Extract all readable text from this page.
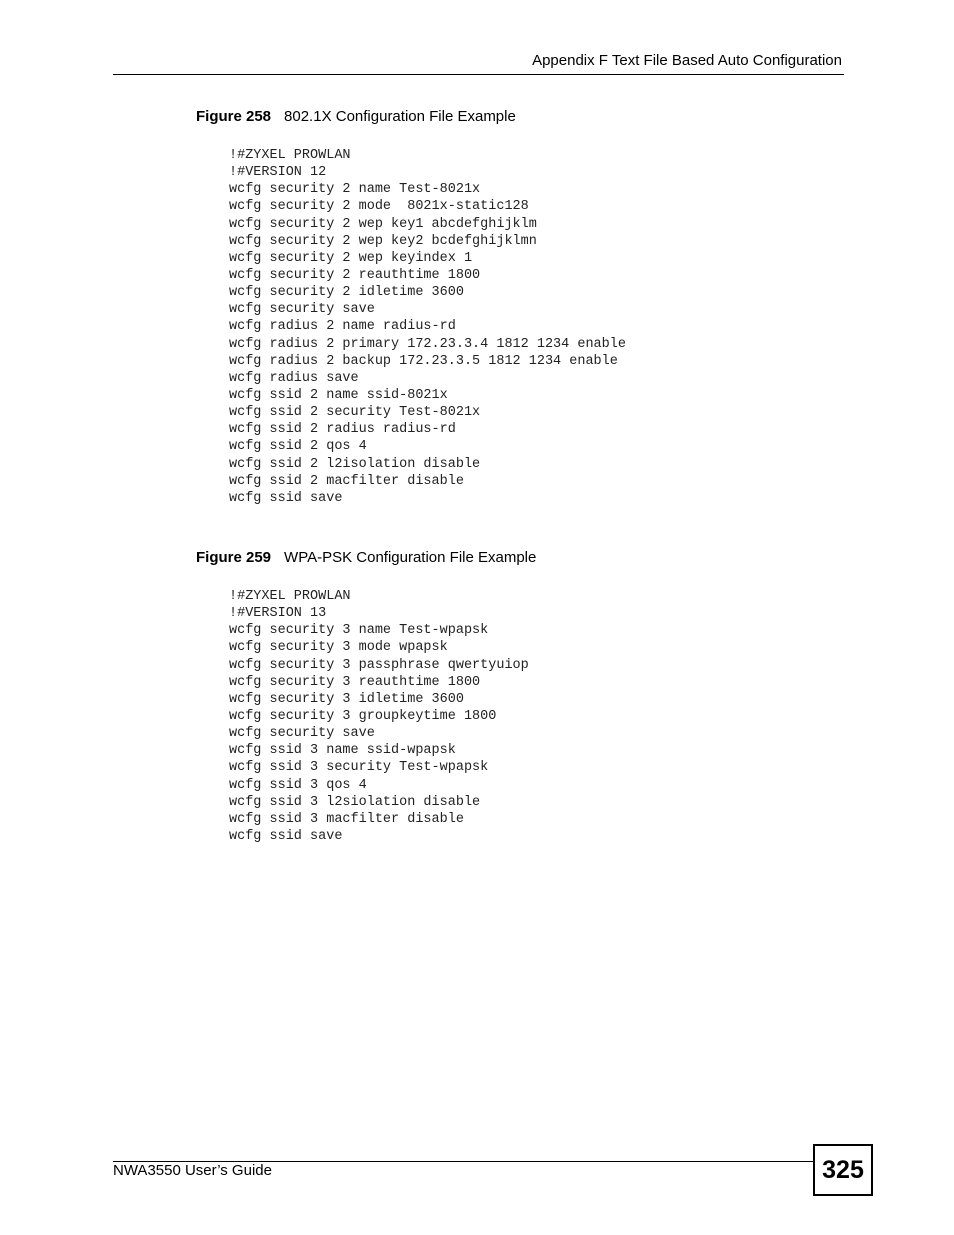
Appendix F Text File Based Auto Configuration
Figure 258 802.1X Configuration File Example
!#ZYXEL PROWLAN
!#VERSION 12
wcfg security 2 name Test-8021x
wcfg security 2 mode  8021x-static128
wcfg security 2 wep key1 abcdefghijklm
wcfg security 2 wep key2 bcdefghijklmn
wcfg security 2 wep keyindex 1
wcfg security 2 reauthtime 1800
wcfg security 2 idletime 3600
wcfg security save
wcfg radius 2 name radius-rd
wcfg radius 2 primary 172.23.3.4 1812 1234 enable
wcfg radius 2 backup 172.23.3.5 1812 1234 enable
wcfg radius save
wcfg ssid 2 name ssid-8021x
wcfg ssid 2 security Test-8021x
wcfg ssid 2 radius radius-rd
wcfg ssid 2 qos 4
wcfg ssid 2 l2isolation disable
wcfg ssid 2 macfilter disable
wcfg ssid save
Figure 259 WPA-PSK Configuration File Example
!#ZYXEL PROWLAN
!#VERSION 13
wcfg security 3 name Test-wpapsk
wcfg security 3 mode wpapsk
wcfg security 3 passphrase qwertyuiop
wcfg security 3 reauthtime 1800
wcfg security 3 idletime 3600
wcfg security 3 groupkeytime 1800
wcfg security save
wcfg ssid 3 name ssid-wpapsk
wcfg ssid 3 security Test-wpapsk
wcfg ssid 3 qos 4
wcfg ssid 3 l2siolation disable
wcfg ssid 3 macfilter disable
wcfg ssid save
NWA3550 User’s Guide	325
